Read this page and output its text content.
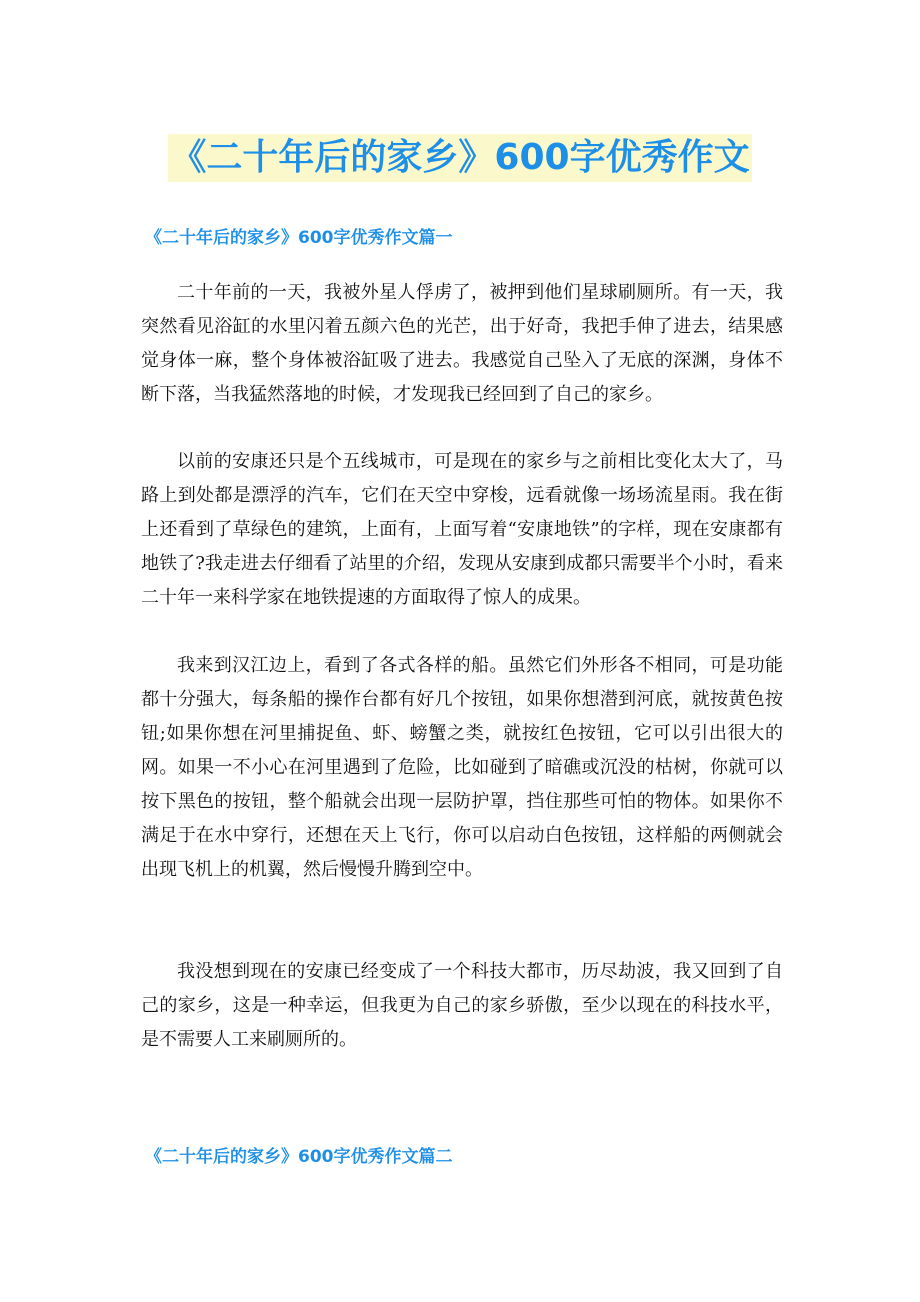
《二十年后的家乡》600字优秀作文
《二十年后的家乡》600字优秀作文篇一

二十年前的一天，我被外星人俘虏了，被押到他们星球刷厕所。有一天，我突然看见浴缸的水里闪着五颜六色的光芒，出于好奇，我把手伸了进去，结果感觉身体一麻，整个身体被浴缸吸了进去。我感觉自己坠入了无底的深渊，身体不断下落，当我猛然落地的时候，才发现我已经回到了自己的家乡。

以前的安康还只是个五线城市，可是现在的家乡与之前相比变化太大了，马路上到处都是漂浮的汽车，它们在天空中穿梭，远看就像一场场流星雨。我在街上还看到了草绿色的建筑，上面有，上面写着“安康地铁”的字样，现在安康都有地铁了?我走进去仔细看了站里的介绍，发现从安康到成都只需要半个小时，看来二十年一来科学家在地铁提速的方面取得了惊人的成果。

我来到汉江边上，看到了各式各样的船。虽然它们外形各不相同，可是功能都十分强大，每条船的操作台都有好几个按钮，如果你想潜到河底，就按黄色按钮;如果你想在河里捕捉鱼、虾、螃蟹之类，就按红色按钮，它可以引出很大的网。如果一不小心在河里遇到了危险，比如碰到了暗礁或沉没的枯树，你就可以按下黑色的按钮，整个船就会出现一层防护罩，挡住那些可怕的物体。如果你不满足于在水中穿行，还想在天上飞行，你可以启动白色按钮，这样船的两侧就会出现飞机上的机翼，然后慢慢升腾到空中。

我没想到现在的安康已经变成了一个科技大都市，历尽劫波，我又回到了自己的家乡，这是一种幸运，但我更为自己的家乡骄傲，至少以现在的科技水平，是不需要人工来刷厕所的。

《二十年后的家乡》600字优秀作文篇二
